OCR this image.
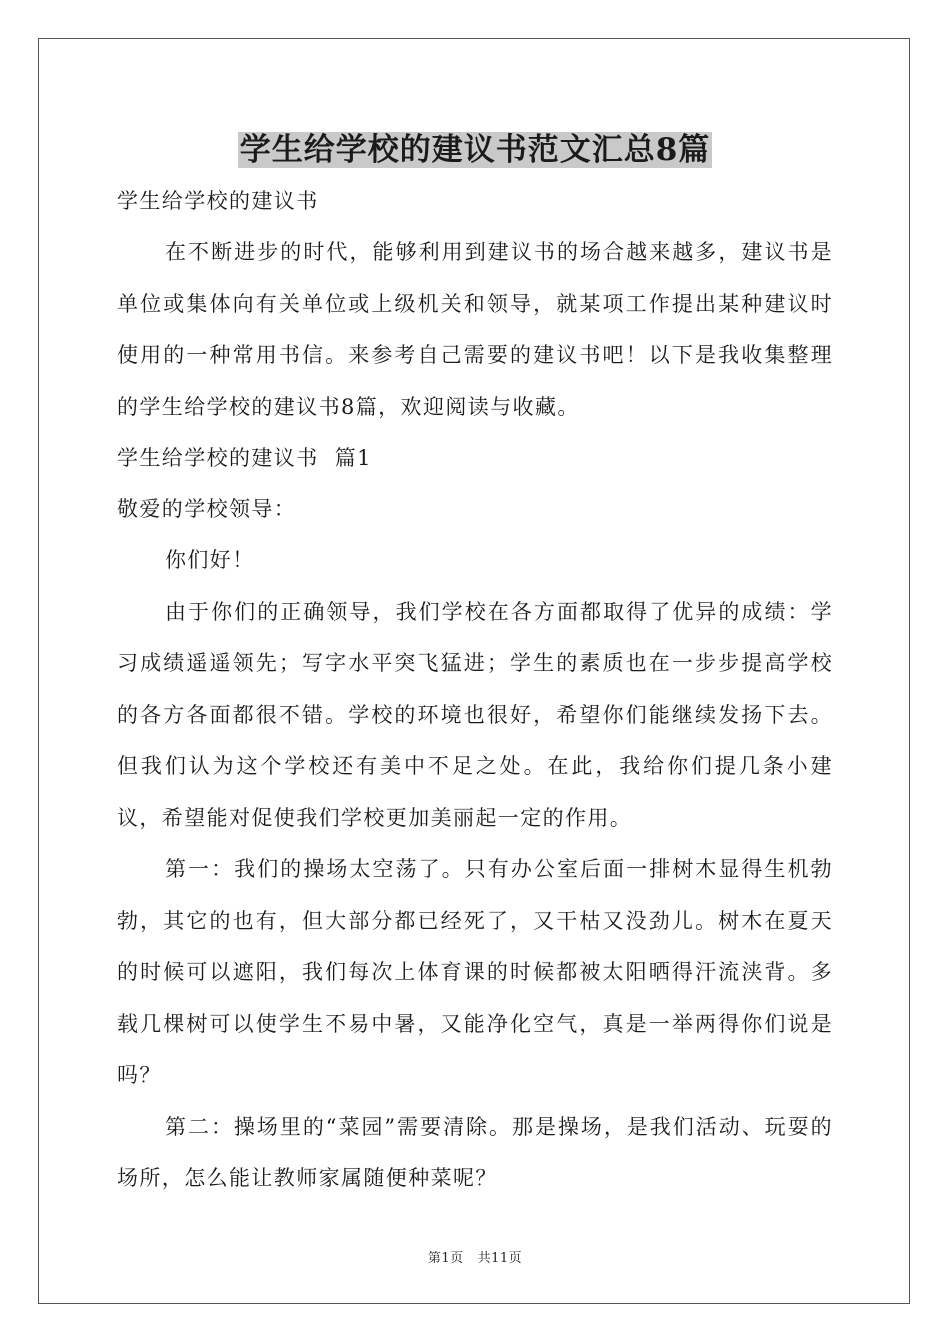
学生给学校的建议书范文汇总8篇

学生给学校的建议书

在不断进步的时代，能够利用到建议书的场合越来越多，建议书是单位或集体向有关单位或上级机关和领导，就某项工作提出某种建议时使用的一种常用书信。来参考自己需要的建议书吧！以下是我收集整理的学生给学校的建议书8篇，欢迎阅读与收藏。

学生给学校的建议书  篇1

敬爱的学校领导：

你们好！

由于你们的正确领导，我们学校在各方面都取得了优异的成绩：学习成绩遥遥领先；写字水平突飞猛进；学生的素质也在一步步提高学校的各方各面都很不错。学校的环境也很好，希望你们能继续发扬下去。但我们认为这个学校还有美中不足之处。在此，我给你们提几条小建议，希望能对促使我们学校更加美丽起一定的作用。

第一：我们的操场太空荡了。只有办公室后面一排树木显得生机勃勃，其它的也有，但大部分都已经死了，又干枯又没劲儿。树木在夏天的时候可以遮阳，我们每次上体育课的时候都被太阳晒得汗流浃背。多载几棵树可以使学生不易中暑，又能净化空气，真是一举两得你们说是吗？

第二：操场里的“菜园”需要清除。那是操场，是我们活动、玩耍的场所，怎么能让教师家属随便种菜呢？

第1页 共11页
